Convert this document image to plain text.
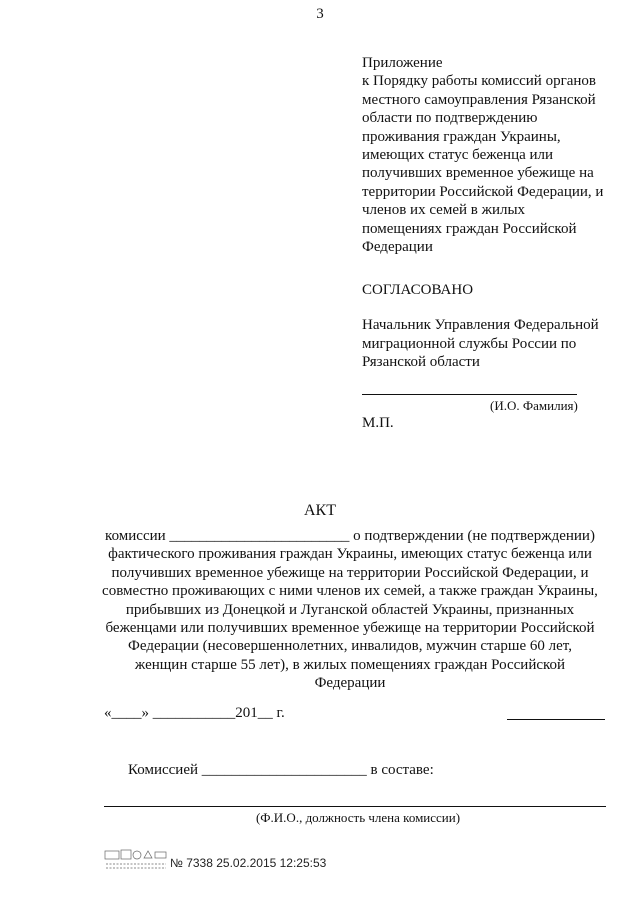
3
Приложение
к Порядку работы комиссий органов
местного самоуправления Рязанской
области по подтверждению
проживания граждан Украины,
имеющих статус беженца или
получивших временное убежище на
территории Российской Федерации, и
членов их семей в жилых
помещениях граждан Российской
Федерации
СОГЛАСОВАНО
Начальник Управления Федеральной
миграционной службы России по
Рязанской области
(И.О. Фамилия)
М.П.
АКТ
комиссии ________________________ о подтверждении (не подтверждении)
фактического проживания граждан Украины, имеющих статус беженца или
получивших временное убежище на территории Российской Федерации, и
совместно проживающих с ними членов их семей, а также граждан Украины,
прибывших из Донецкой и Луганской областей Украины, признанных
беженцами или получивших временное убежище на территории Российской
Федерации (несовершеннолетних, инвалидов, мужчин старше 60 лет,
женщин старше 55 лет), в жилых помещениях граждан Российской
Федерации
«____» ___________201__ г.
Комиссией ______________________ в составе:
(Ф.И.О., должность члена комиссии)
№ 7338 25.02.2015 12:25:53
